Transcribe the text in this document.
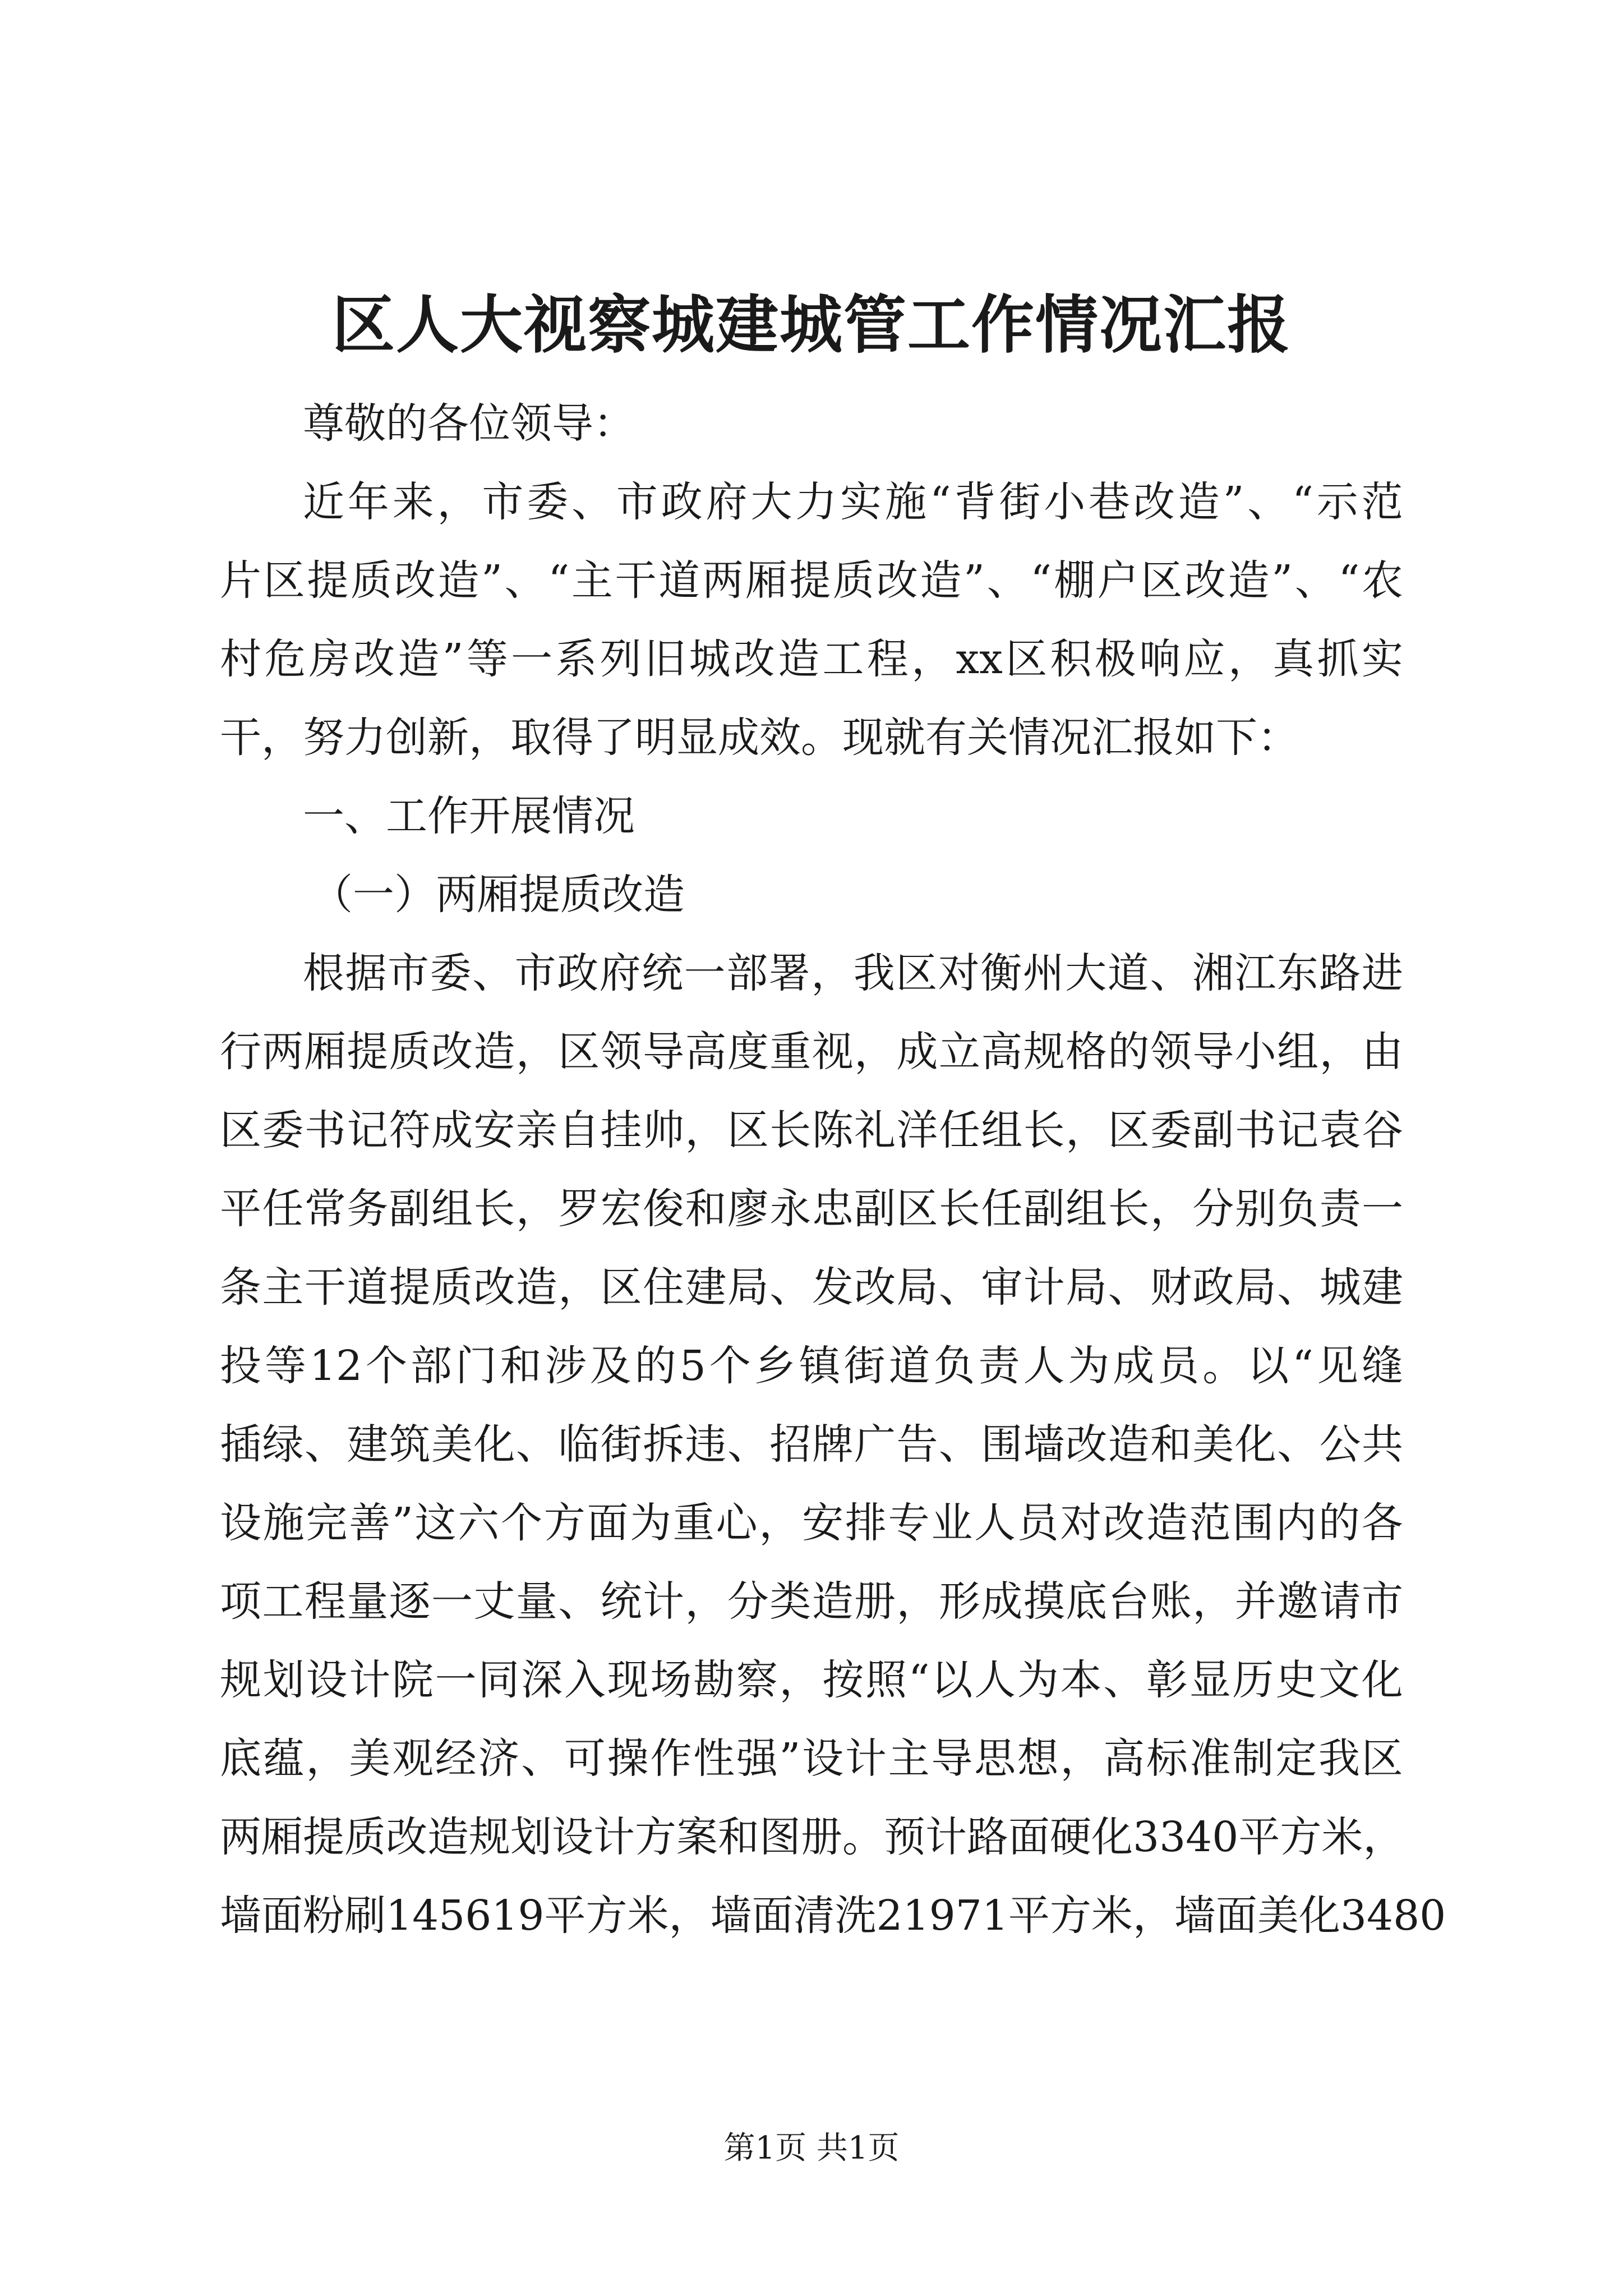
区人大视察城建城管工作情况汇报
尊敬的各位领导：
近 年 来 ， 市 委 、 市 政 府 大 力 实 施 “ 背 街 小 巷 改 造 ” 、 “ 示 范
片 区 提 质 改 造 ” 、 “ 主 干 道 两 厢 提 质 改 造 ” 、 “ 棚 户 区 改 造 ” 、 “ 农
村 危 房 改 造 ” 等 一 系 列 旧 城 改 造 工 程 ， xx 区 积 极 响 应 ， 真 抓 实
干，努力创新，取得了明显成效。现就有关情况汇报如下：
一、工作开展情况
（一）两厢提质改造
根 据 市 委 、 市 政 府 统 一 部 署 ， 我 区 对 衡 州 大 道 、 湘 江 东 路 进
行 两 厢 提 质 改 造 ， 区 领 导 高 度 重 视 ， 成 立 高 规 格 的 领 导 小 组 ， 由
区 委 书 记 符 成 安 亲 自 挂 帅 ， 区 长 陈 礼 洋 任 组 长 ， 区 委 副 书 记 袁 谷
平 任 常 务 副 组 长 ， 罗 宏 俊 和 廖 永 忠 副 区 长 任 副 组 长 ， 分 别 负 责 一
条 主 干 道 提 质 改 造 ， 区 住 建 局 、 发 改 局 、 审 计 局 、 财 政 局 、 城 建
投 等 12 个 部 门 和 涉 及 的 5 个 乡 镇 街 道 负 责 人 为 成 员 。 以 “ 见 缝
插 绿 、 建 筑 美 化 、 临 街 拆 违 、 招 牌 广 告 、 围 墙 改 造 和 美 化 、 公 共
设 施 完 善 ” 这 六 个 方 面 为 重 心 ， 安 排 专 业 人 员 对 改 造 范 围 内 的 各
项 工 程 量 逐 一 丈 量 、 统 计 ， 分 类 造 册 ， 形 成 摸 底 台 账 ， 并 邀 请 市
规 划 设 计 院 一 同 深 入 现 场 勘 察 ， 按 照 “ 以 人 为 本 、 彰 显 历 史 文 化
底 蕴 ， 美 观 经 济 、 可 操 作 性 强 ” 设 计 主 导 思 想 ， 高 标 准 制 定 我 区
两 厢 提 质 改 造 规 划 设 计 方 案 和 图 册 。 预 计 路 面 硬 化 3340 平 方 米 ，
墙 面 粉 刷 145619 平 方 米 ， 墙 面 清 洗 21971 平 方 米 ， 墙 面 美 化 3480
第1页 共1页
